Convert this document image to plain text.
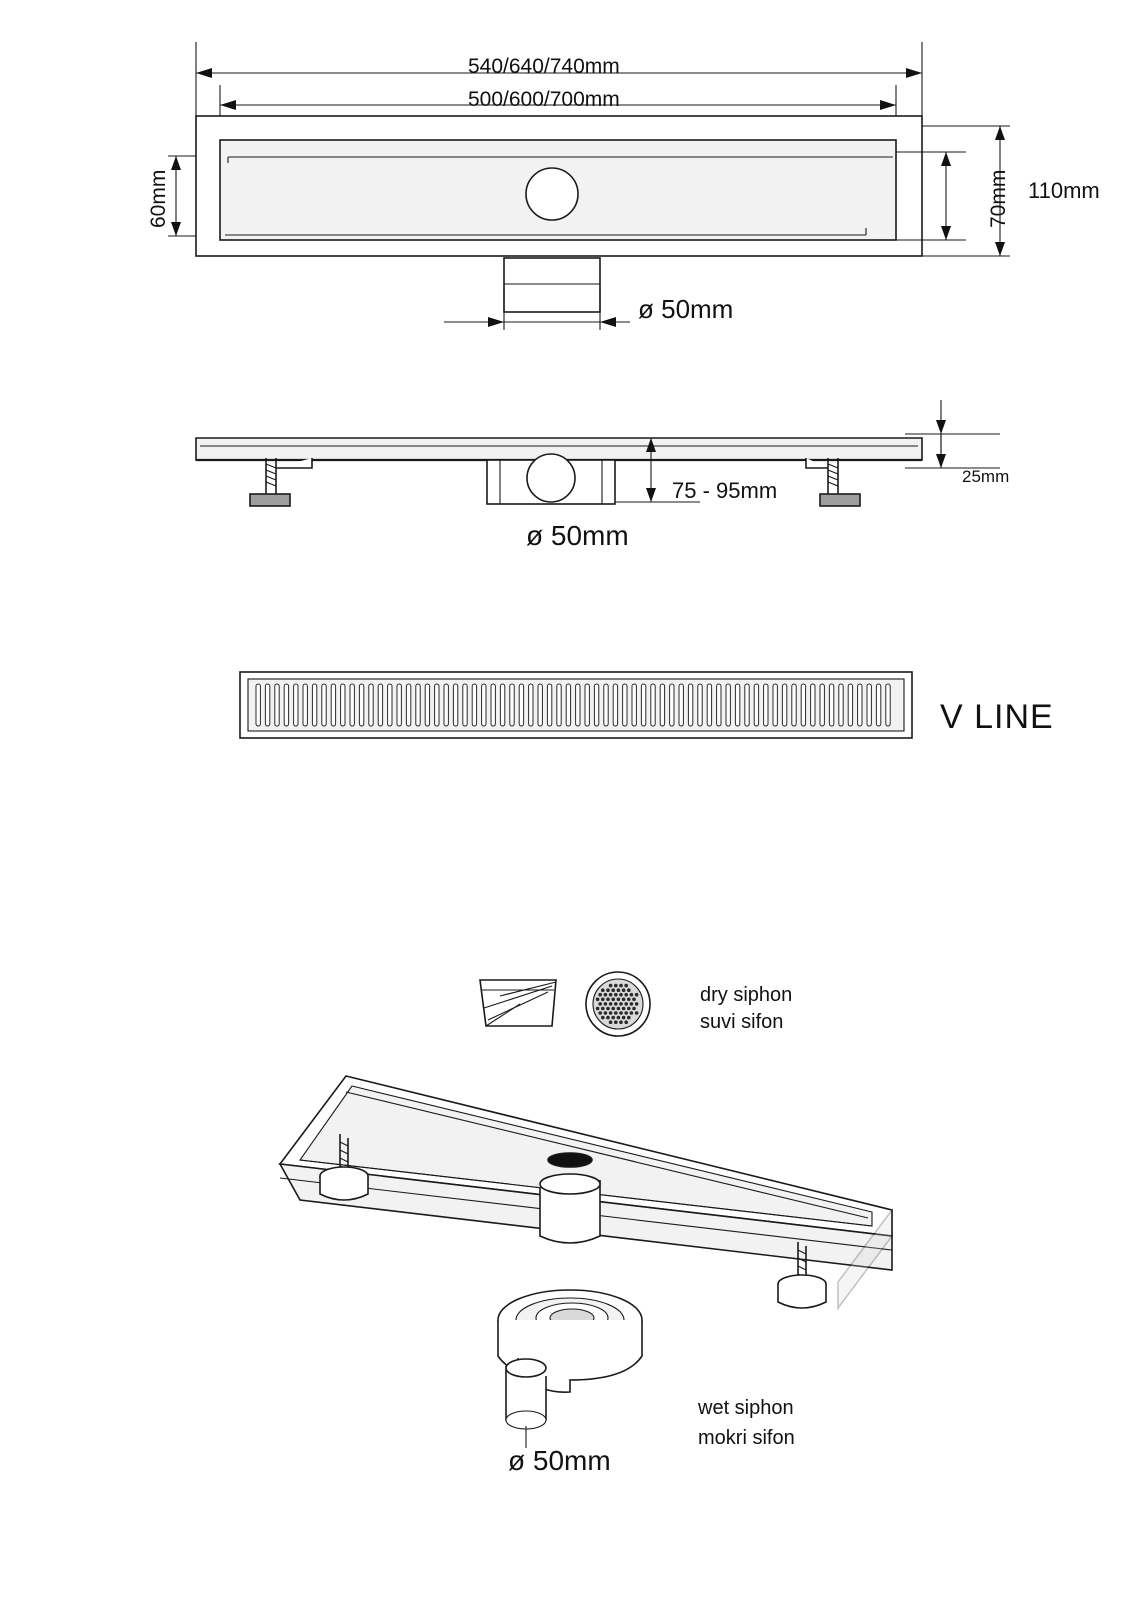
540/640/740mm
500/600/700mm
60mm	70mm 110mm
ø 50mm
25mm
75 - 95mm
ø 50mm
V LINE
dry siphon
suvi sifon
wet siphon
mokri sifon
ø 50mm
